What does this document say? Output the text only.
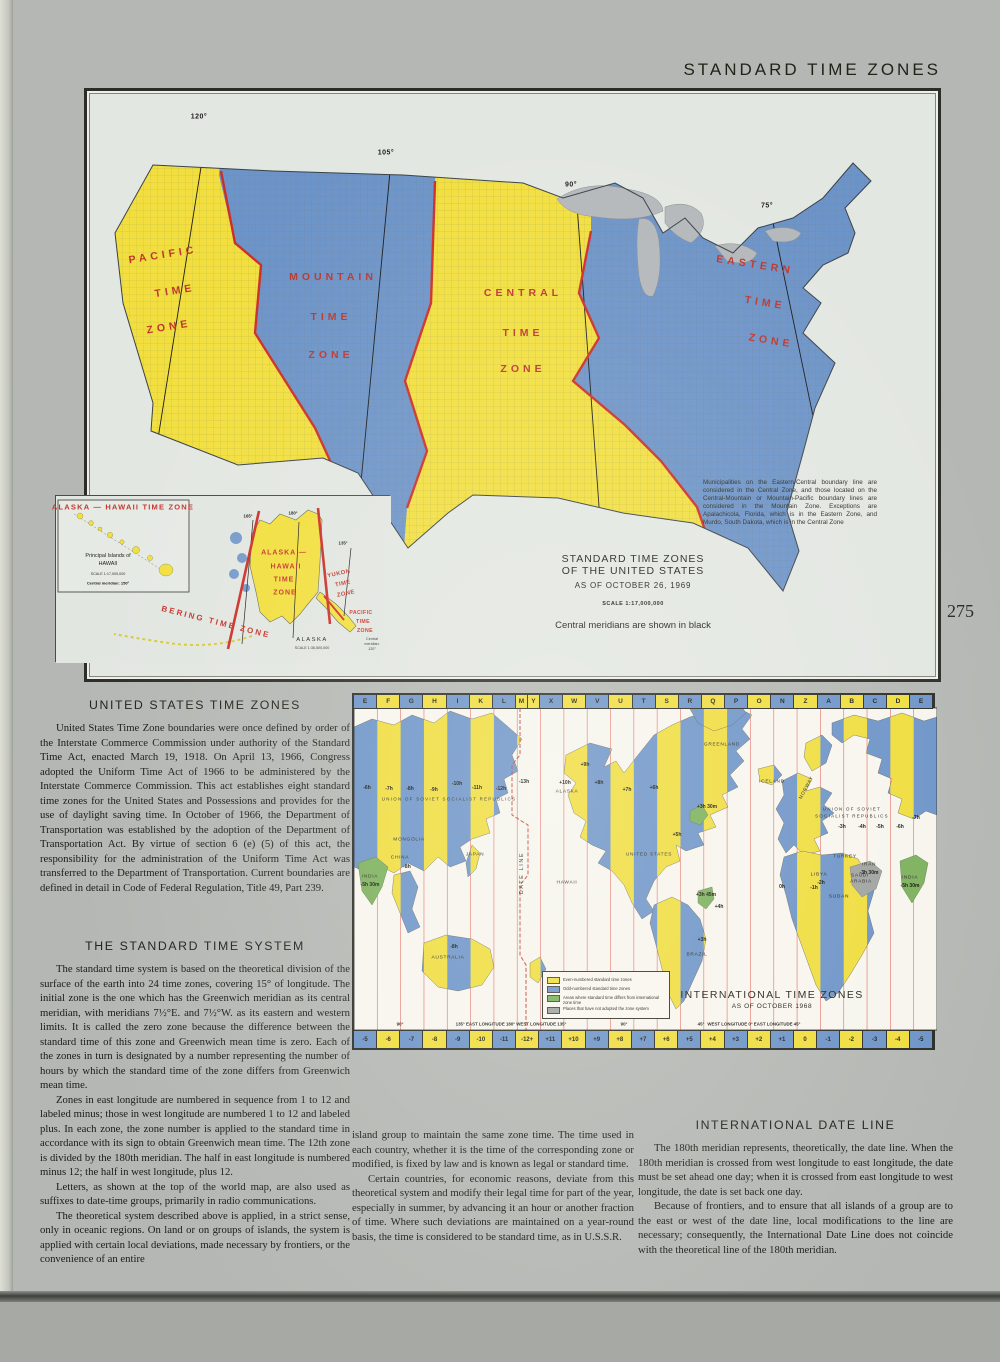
STANDARD TIME ZONES
275
PACIFIC
TIME
ZONE
MOUNTAIN
TIME
ZONE
CENTRAL
TIME
ZONE
EASTERN
TIME
ZONE
120°
105°
90°
75°
STANDARD TIME ZONES
OF THE UNITED STATES
AS OF OCTOBER 26, 1969
SCALE 1:17,000,000
Central meridians are shown in black
Municipalities on the Eastern-Central boundary line are considered in the Central Zone, and those located on the Central-Mountain or Mountain-Pacific boundary lines are considered in the Mountain Zone. Exceptions are Apalachicola, Florida, which is in the Eastern Zone, and Murdo, South Dakota, which is in the Central Zone
ALASKA — HAWAII TIME ZONE
Principal Islands of
HAWAII
SCALE 1:17,000,000
Central meridian: 150°
165°
180°
135°
ALASKA —
HAWAII
TIME
ZONE
YUKON
TIME
ZONE
PACIFIC
TIME
ZONE
BERING TIME ZONE
ALASKA
SCALE 1:36,500,000
Central
meridian:
120°
UNITED STATES TIME ZONES

United States Time Zone boundaries were once defined by order of the Interstate Commerce Commission under authority of the Standard Time Act, enacted March 19, 1918. On April 13, 1966, Congress adopted the Uniform Time Act of 1966 to be administered by the Interstate Commerce Commission. This act establishes eight standard time zones for the United States and Possessions and provides for the use of daylight saving time. In October of 1966, the Department of Transportation was established by the adoption of the Department of Transportation Act. By virtue of section 6 (e) (5) of this act, the responsibility for the administration of the Uniform Time Act was transferred to the Department of Transportation. Current boundaries are defined in detail in Code of Federal Regulation, Title 49, Part 239.

THE STANDARD TIME SYSTEM

The standard time system is based on the theoretical division of the surface of the earth into 24 time zones, covering 15° of longitude. The initial zone is the one which has the Greenwich meridian as its central meridian, with meridians 7½°E. and 7½°W. as its eastern and western limits. It is called the zero zone because the difference between the standard time of this zone and Greenwich mean time is zero. Each of the zones in turn is designated by a number representing the number of hours by which the standard time of the zone differs from Greenwich mean time.

Zones in east longitude are numbered in sequence from 1 to 12 and labeled minus; those in west longitude are numbered 1 to 12 and labeled plus. In each zone, the zone number is applied to the standard time in accordance with its sign to obtain Greenwich mean time. The 12th zone is divided by the 180th meridian. The half in east longitude is numbered minus 12; the half in west longitude, plus 12.

Letters, as shown at the top of the world map, are also used as suffixes to date-time groups, primarily in radio communications.

The theoretical system described above is applied, in a strict sense, only in oceanic regions. On land or on groups of islands, the system is applied with certain local deviations, made necessary by frontiers, or the convenience of an entire

E	F	G	H	I	K	L	M	Y	X	W	V	U	T	S	R	Q	P	O	N	Z	A	B	C	D	E
-6h	-7h	-8h	-9h
-10h
-11h	-12h
-13h
UNION OF SOVIET SOCIALIST REPUBLICS
+10h
ALASKA
+9h
+8h
+7h	+6h
+5h
+3h 30m
GREENLAND
CHINA
-8h
MONGOLIA
JAPAN
INDIA
-5h 30m	DATE LINE	HAWAII
AUSTRALIA
-8h
UNITED STATES
BRAZIL
+3h
+3h 45m
+4h
ICELAND	NORWAY
UNION OF SOVIET
SOCIALIST REPUBLICS
-3h	-4h -5h	-6h
-7h
TURKEY
IRAN
-3h 30m
LIBYA
-2h
0h	-1h
SUDAN
SAUDI
ARABIA
INDIA
-5h 30m
Even-numbered standard time zones
Odd-numbered standard time zones
Areas where standard time differs from international zone time
Places that have not adopted the zone system
INTERNATIONAL TIME ZONES
AS OF OCTOBER 1968
90°	135° EAST LONGITUDE 180° WEST LONGITUDE 135°	90°	45° WEST LONGITUDE 0° EAST LONGITUDE 45°
-5	-6	-7	-8	-9	-10	-11	-12+	+11	+10	+9	+8	+7	+6	+5	+4	+3	+2	+1	0	-1	-2	-3	-4	-5

island group to maintain the same zone time. The time used in each country, whether it is the time of the corresponding zone or modified, is fixed by law and is known as legal or standard time.

Certain countries, for economic reasons, deviate from this theoretical system and modify their legal time for part of the year, especially in summer, by advancing it an hour or another fraction of time. Where such deviations are maintained on a year-round basis, the time is considered to be standard time, as in U.S.S.R.

INTERNATIONAL DATE LINE

The 180th meridian represents, theoretically, the date line. When the 180th meridian is crossed from west longitude to east longitude, the date must be set ahead one day; when it is crossed from east longitude to west longitude, the date is set back one day.

Because of frontiers, and to ensure that all islands of a group are to the east or west of the date line, local modifications to the line are necessary; consequently, the International Date Line does not coincide with the theoretical line of the 180th meridian.
